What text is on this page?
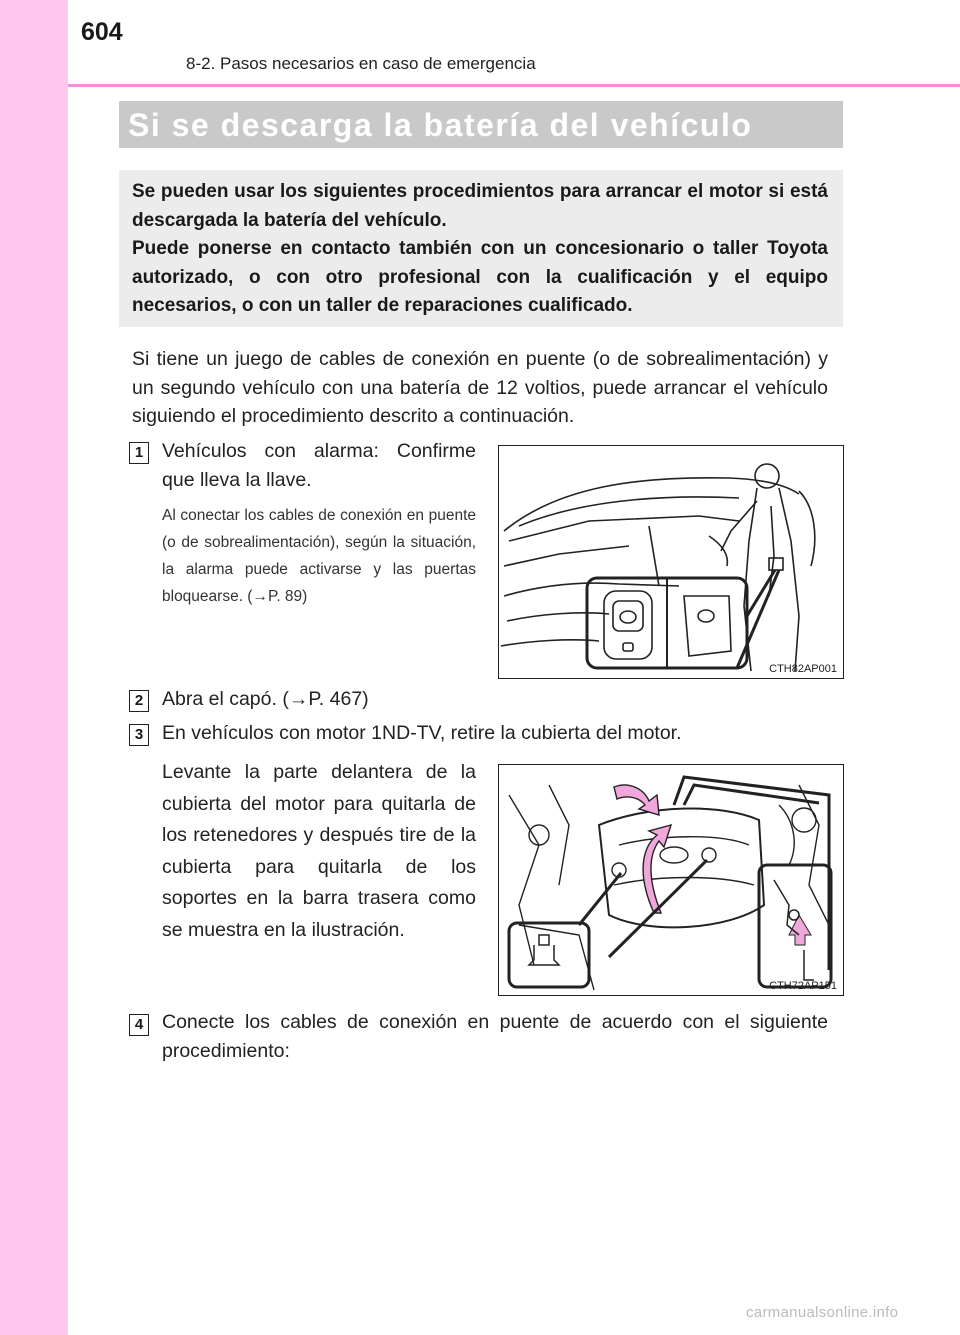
604
8-2. Pasos necesarios en caso de emergencia
Si se descarga la batería del vehículo

Se pueden usar los siguientes procedimientos para arrancar el motor si está descargada la batería del vehículo.

Puede ponerse en contacto también con un concesionario o taller Toyota autorizado, o con otro profesional con la cualificación y el equipo necesarios, o con un taller de reparaciones cualificado.

Si tiene un juego de cables de conexión en puente (o de sobrealimentación) y un segundo vehículo con una batería de 12 voltios, puede arrancar el vehículo siguiendo el procedimiento descrito a continuación.
1 Vehículos con alarma: Confirme que lleva la llave.
Al conectar los cables de conexión en puente (o de sobrealimentación), según la situación, la alarma puede activarse y las puertas bloquearse. (→P. 89)
CTH82AP001
2 Abra el capó. (→P. 467)
3 En vehículos con motor 1ND-TV, retire la cubierta del motor.
Levante la parte delantera de la cubierta del motor para quitarla de los retenedores y después tire de la cubierta para quitarla de los soportes en la barra trasera como se muestra en la ilustración.
CTH72AP151
4 Conecte los cables de conexión en puente de acuerdo con el siguiente procedimiento:
carmanualsonline.info
